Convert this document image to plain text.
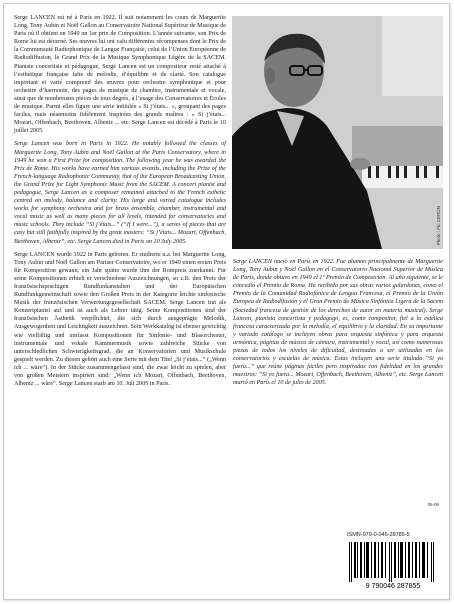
Serge LANCEN est né à Paris en 1922. Il suit notamment les cours de Marguerite Long, Tony Aubin et Noël Gallon au Conservatoire National Supérieur de Musique de Paris où il obtient en 1949 un 1er prix de Composition. L’année suivante, son Prix de Rome lui est décerné. Ses œuvres lui ont valu différentes récompenses dont le Prix de la Communauté Radiophonique de Langue Française, celui de l’Union Européenne de Radiodiffusion, le Grand Prix de la Musique Symphonique Légère de la SACEM. Pianiste concertiste et pédagogue, Serge Lancen est un compositeur resté attaché à l’esthétique française faite de mélodie, d’équilibre et de clarté. Son catalogue important et varié comprend des œuvres pour orchestre symphonique et pour orchestre d’harmonie, des pages de musique de chambre, instrumentale et vocale, ainsi que de nombreuses pièces de tous degrés, à l’usage des Conservatoires et Écoles de musique. Parmi elles figure une série intitulée « Si j’étais... », groupant des pages faciles, mais néanmoins fidèlement inspirées des grands maîtres : « Si j’étais... Mozart, Offenbach, Beethoven, Albeniz ... etc. Serge Lancen est décédé à Paris le 10 juillet 2005.

Serge Lancen was born in Paris in 1922. He notably followed the classes of Marguerite Long, Tony Aubin and Noël Gallon at the Paris Conservatory, where in 1949 he won a First Prize for composition. The following year he was awarded the Prix de Rome. His works have earned him various awards, including the Prize of the French-language Radiophonic Community, that of the European Broadcasting Union, the Grand Prize for Light Symphonic Music from the SACEM. A concert pianist and pedagogue, Serge Lancen as a composer remained attached to the French esthetic centred on melody, balance and clarity. His large and varied catalogue includes works for symphony orchestra and for brass ensemble, chamber, instrumental and vocal music as well as many pieces for all levels, intended for conservatories and music schools. They include “Si j’étais...” (“If I were...”), a series of pieces that are easy but still faithfully inspired by the great masters: “Si j’étais... Mozart, Offenbach, Beethoven, Albeniz”, etc. Serge Lancen died in Paris on 10 July 2005.

Serge LANCEN wurde 1922 in Paris geboren. Er studierte u.a. bei Marguerite Long, Tony Aubin und Noël Gallon am Pariser Conservatoire, wo er 1949 einen ersten Preis für Komposition gewann; ein Jahr später wurde ihm der Rompreis zuerkannt. Für seine Kompositionen erhielt er verschiedene Auszeichnungen, so z.B. den Preis der französischsprachigen Rundfunkanstalten und der Europäischen Rundfunkgemeinschaft sowie den Großen Preis in der Kategorie leichte sinfonische Musik der französischen Verwertungsgesellschaft SACEM. Serge Lancen trat als Konzertpianist auf und ist auch als Lehrer tätig. Seine Kompositionen sind der französischen Ästhetik verpflichtet, die sich durch ausgeprägte Melodik, Ausgewogenheit und Leichtigkeit auszeichnet. Sein Werkkatalog ist ebenso gewichtig wie vielfältig und umfasst Kompositionen für Sinfonie- und Blasorchester, instrumentale und vokale Kammermusik sowie zahlreiche Stücke von unterschiedlichen Schwierigkeitsgrad, die an Konservatorien und Musikschule gespielt werden. Zu diesen gehört auch eine Serie mit dem Titel „Si j’étais...“ („Wenn ich ... wäre“). In der Stücke zusammengefasst sind, die zwar leicht zu spielen, aber von großen Meistern inspiriert sind: „Wenn ich Mozart, Offenbach, Beethoven, Albeniz ... wäre“. Serge Lancen starb am 10. Juli 2005 in Paris.

Photo : Pic CERON

Serge LANCEN nació en París en 1922. Fue alumno principalmente de Marguerite Long, Tony Aubin y Noël Gallon en el Conservatorio Nacional Superior de Música de París, donde obtuvo en 1949 el 1º Premio de Composición. Al año siguiente, se le concedió el Premio de Roma. Ha recibido por sus obras varios galardones, como el Premio de la Comunidad Radiofónica de Lengua Francesa, el Premio de la Unión Europea de Radiodifusión y el Gran Premio de Música Sinfónica Ligera de la Sacem (Sociedad francesa de gestión de los derechos de autor en materia musical). Serge Lancen, pianista concertista y pedagogo, es, como compositor, fiel a la estética francesa caracterizada por la melodía, el equilibrio y la claridad. En su importante y variado catálogo se incluyen obras para orquesta sinfónica y para orquesta armónica, páginas de música de cámara, instrumental y vocal, así como numerosas piezas de todos los niveles de dificultad, destinadas a ser utilizadas en los conservatorios y escuelas de música. Éstas incluyen una serie titulada “Si yo fuera...” que reúne páginas fáciles pero inspiradas con fidelidad en los grandes maestros: “Si yo fuera... Mozart, Offenbach, Beethoven, Albeniz”, etc. Serge Lancen murió en París el 10 de julio de 2005.

05-06
ISMN-979-0-046-28785-5
9 790046 287855
